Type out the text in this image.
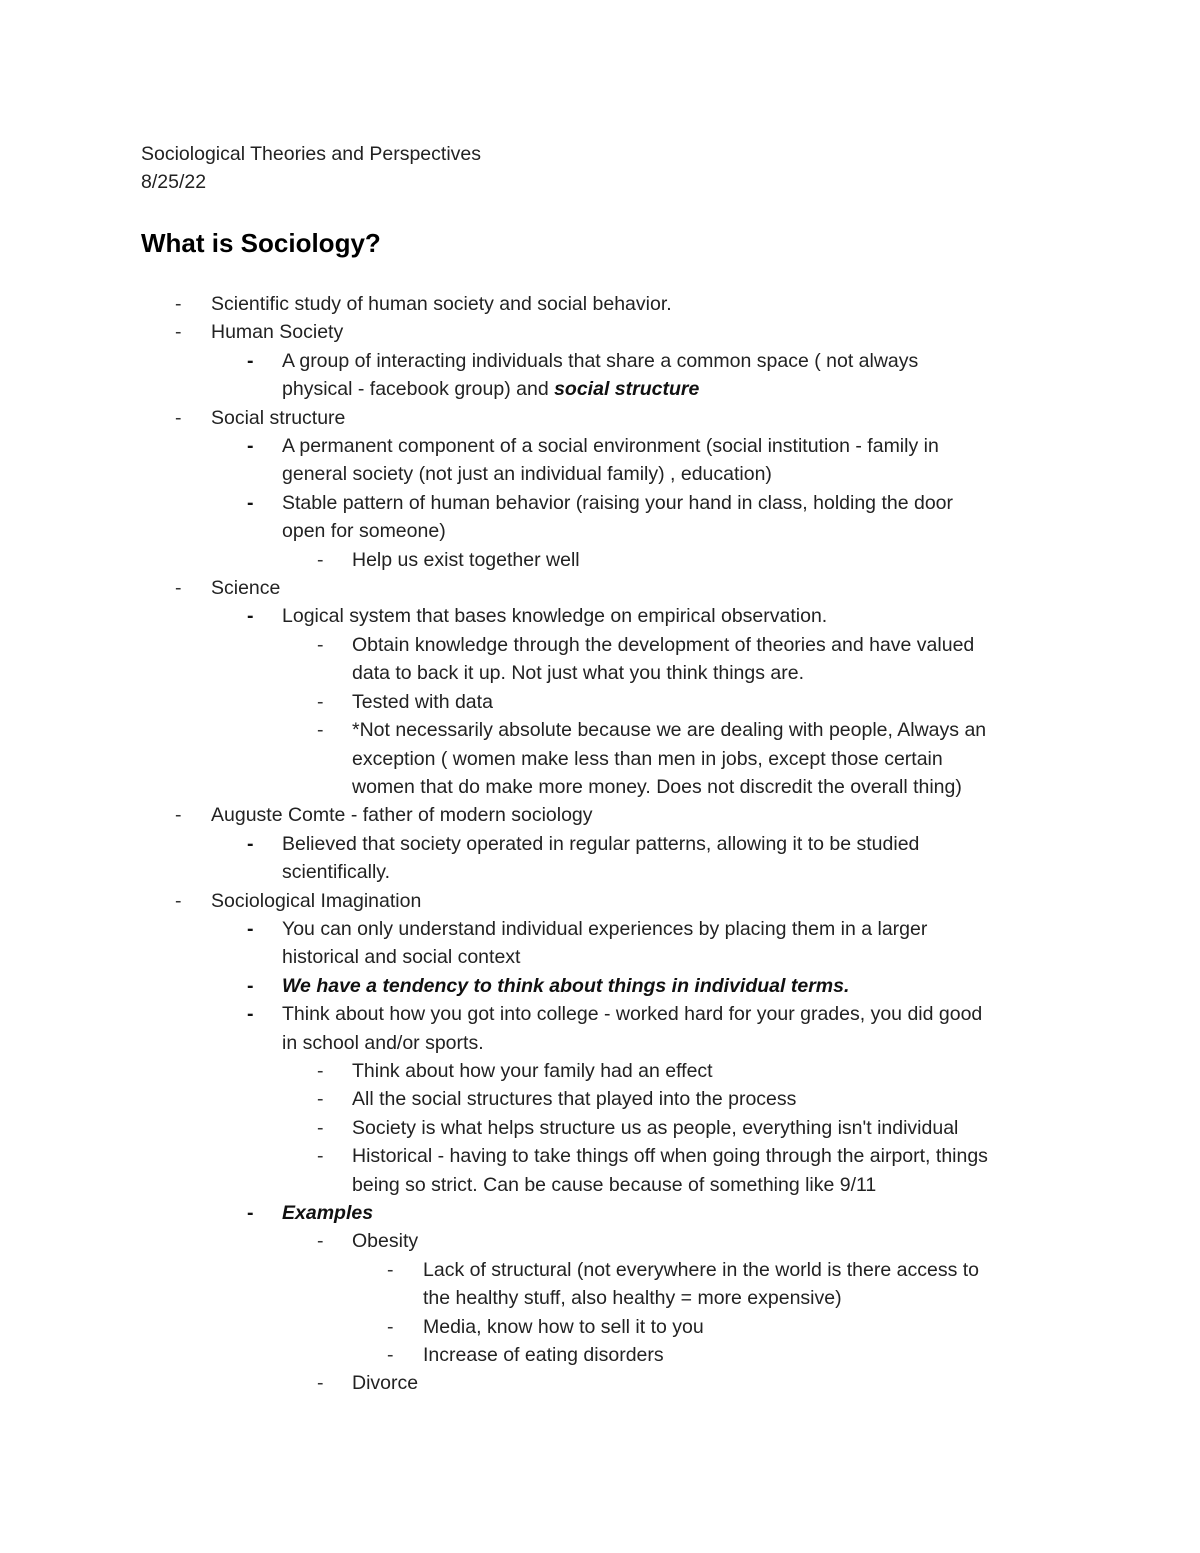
Sociological Theories and Perspectives
8/25/22
What is Sociology?
-	Scientific study of human society and social behavior.
-	Human Society
-	A group of interacting individuals that share a common space ( not always
physical - facebook group) and social structure
-	Social structure
-	A permanent component of a social environment (social institution - family in
general society (not just an individual family) , education)
-	Stable pattern of human behavior (raising your hand in class, holding the door
open for someone)
-	Help us exist together well
-	Science
-	Logical system that bases knowledge on empirical observation.
-	Obtain knowledge through the development of theories and have valued
data to back it up. Not just what you think things are.
-	Tested with data
-	*Not necessarily absolute because we are dealing with people, Always an
exception ( women make less than men in jobs, except those certain
women that do make more money. Does not discredit the overall thing)
-	Auguste Comte - father of modern sociology
-	Believed that society operated in regular patterns, allowing it to be studied
scientifically.
-	Sociological Imagination
-	You can only understand individual experiences by placing them in a larger
historical and social context
-	We have a tendency to think about things in individual terms.
-	Think about how you got into college - worked hard for your grades, you did good
in school and/or sports.
-	Think about how your family had an effect
-	All the social structures that played into the process
-	Society is what helps structure us as people, everything isn't individual
-	Historical - having to take things off when going through the airport, things
being so strict. Can be cause because of something like 9/11
-	Examples
-	Obesity
-	Lack of structural (not everywhere in the world is there access to
the healthy stuff, also healthy = more expensive)
-	Media, know how to sell it to you
-	Increase of eating disorders
-	Divorce
